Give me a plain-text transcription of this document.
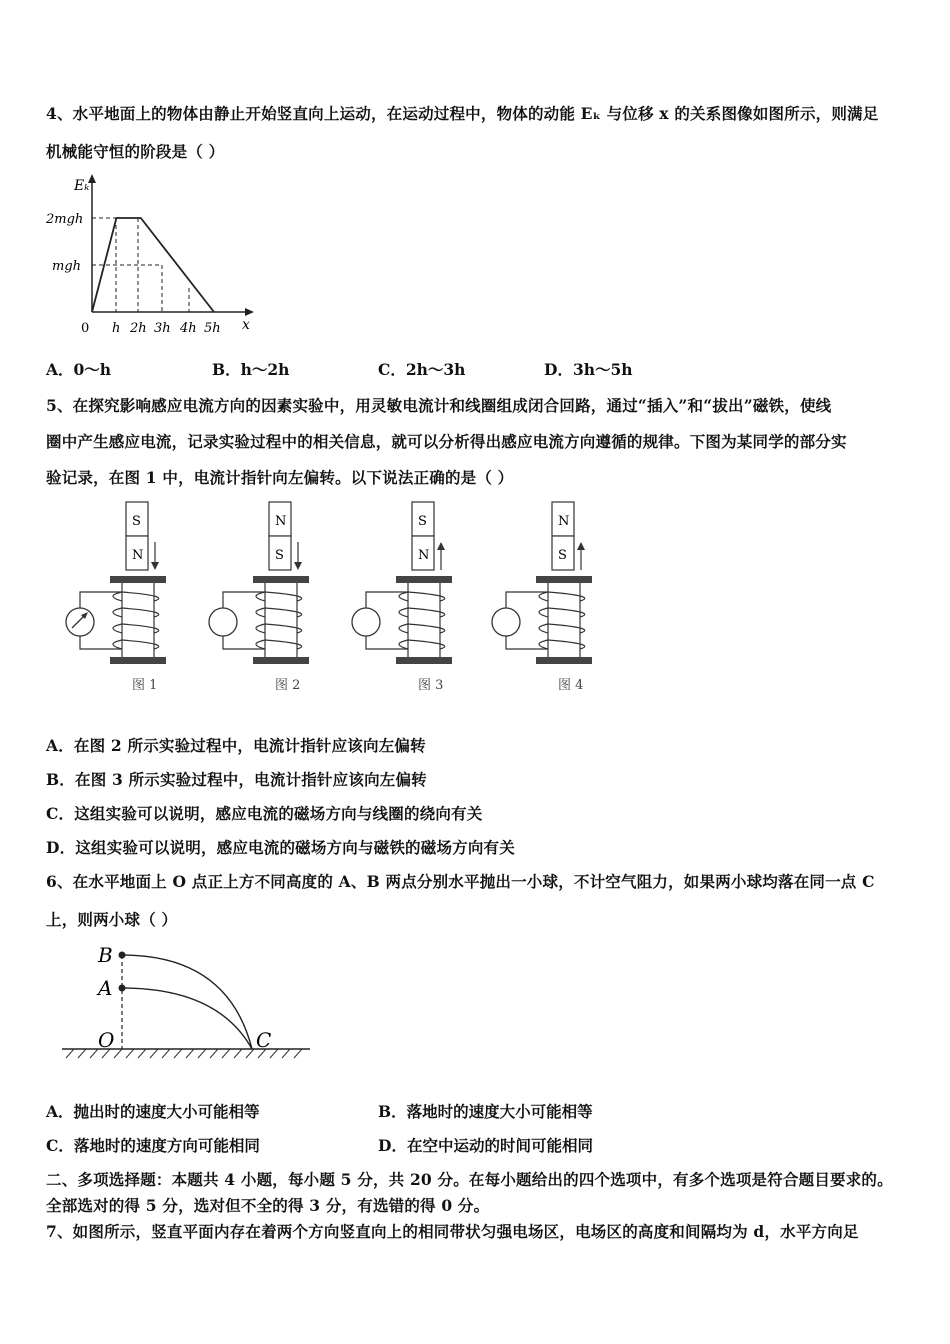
4、水平地面上的物体由静止开始竖直向上运动，在运动过程中，物体的动能 Eₖ 与位移 x 的关系图像如图所示，则满足
机械能守恒的阶段是（ ）
Eₖ
2mgh
mgh
0 h 2h 3h 4h 5h x
A．0～h	B．h～2h	C．2h～3h	D．3h～5h
5、在探究影响感应电流方向的因素实验中，用灵敏电流计和线圈组成闭合回路，通过“插入”和“拔出”磁铁，使线
圈中产生感应电流，记录实验过程中的相关信息，就可以分析得出感应电流方向遵循的规律。下图为某同学的部分实
验记录，在图 1 中，电流计指针向左偏转。以下说法正确的是（ ）
S
N
图 1
N
S
图 2
S
N
图 3
N
S
图 4
A．在图 2 所示实验过程中，电流计指针应该向左偏转
B．在图 3 所示实验过程中，电流计指针应该向左偏转
C．这组实验可以说明，感应电流的磁场方向与线圈的绕向有关
D．这组实验可以说明，感应电流的磁场方向与磁铁的磁场方向有关
6、在水平地面上 O 点正上方不同高度的 A、B 两点分别水平抛出一小球，不计空气阻力，如果两小球均落在同一点 C
上，则两小球（ ）
B
A
O	C
A．抛出时的速度大小可能相等	B．落地时的速度大小可能相等
C．落地时的速度方向可能相同	D．在空中运动的时间可能相同
二、多项选择题：本题共 4 小题，每小题 5 分，共 20 分。在每小题给出的四个选项中，有多个选项是符合题目要求的。
全部选对的得 5 分，选对但不全的得 3 分，有选错的得 0 分。
7、如图所示，竖直平面内存在着两个方向竖直向上的相同带状匀强电场区，电场区的高度和间隔均为 d，水平方向足
